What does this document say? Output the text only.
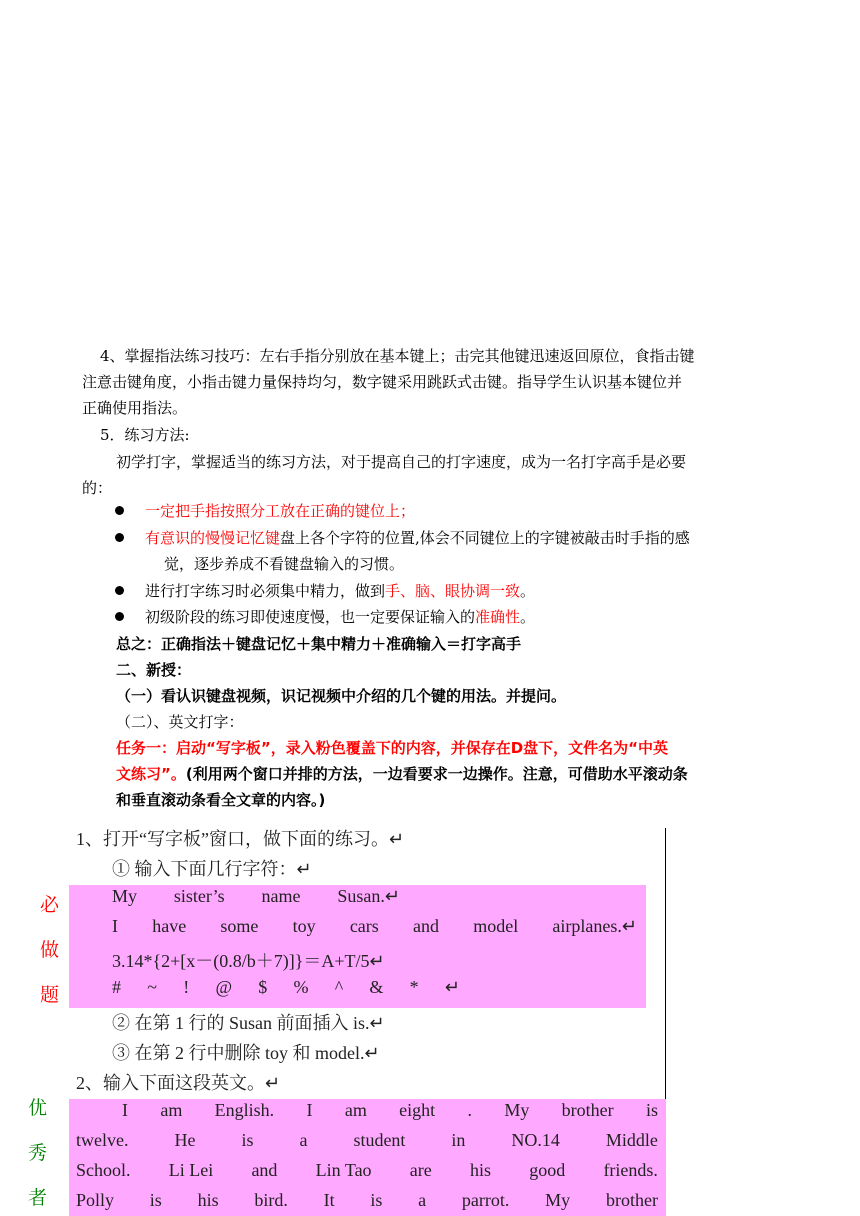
4、掌握指法练习技巧：左右手指分别放在基本键上；击完其他键迅速返回原位，食指击键
注意击键角度，小指击键力量保持均匀，数字键采用跳跃式击键。指导学生认识基本键位并
正确使用指法。
5．练习方法:
初学打字，掌握适当的练习方法，对于提高自己的打字速度，成为一名打字高手是必要
的：
一定把手指按照分工放在正确的键位上；
有意识的慢慢记忆键盘上各个字符的位置,体会不同键位上的字键被敲击时手指的感
觉，逐步养成不看键盘输入的习惯。
进行打字练习时必须集中精力，做到手、脑、眼协调一致。
初级阶段的练习即使速度慢，也一定要保证输入的准确性。
总之：正确指法＋键盘记忆＋集中精力＋准确输入＝打字高手
二、新授：
（一）看认识键盘视频，识记视频中介绍的几个键的用法。并提问。
（二）、英文打字：
任务一：启动“写字板”，录入粉色覆盖下的内容，并保存在D盘下，文件名为“中英
文练习”。(利用两个窗口并排的方法，一边看要求一边操作。注意，可借助水平滚动条
和垂直滚动条看全文章的内容。)
1、打开“写字板”窗口，做下面的练习。↵
① 输入下面几行字符：↵
必
做
题
My sister’s name Susan.↵
I have some toy cars and model airplanes.↵
3.14*{2+[x－(0.8/b＋7)]}＝A+T/5↵
# ~ ! @ $ % ^ & * ↵
② 在第 1 行的 Susan 前面插入 is.↵
③ 在第 2 行中删除 toy 和 model.↵
2、输入下面这段英文。↵
优
秀
者
I am English. I am eight . My brother is
twelve.	He	is	a	student	in	NO.14	Middle
School. Li Lei and Lin Tao are his good friends.
Polly is his bird. It is a parrot. My brother
